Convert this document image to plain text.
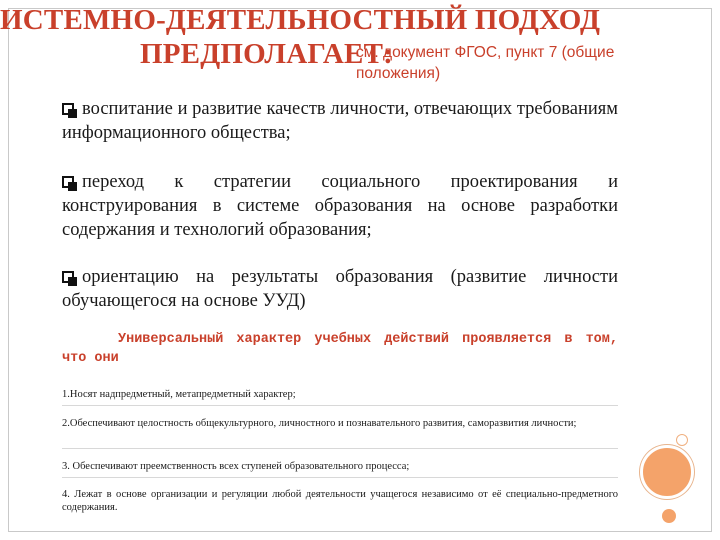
ИСТЕМНО-ДЕЯТЕЛЬНОСТНЫЙ ПОДХОД
ПРЕДПОЛАГАЕТ:
см. документ ФГОС, пункт 7 (общие положения)
воспитание и развитие качеств личности, отвечающих требованиям информационного общества;
переход к стратегии социального проектирования и конструирования в системе образования на основе разработки содержания и технологий образования;
ориентацию на результаты образования (развитие личности обучающегося на основе УУД)
Универсальный характер учебных действий проявляется в том, что они
1.Носят надпредметный, метапредметный характер;
2.Обеспечивают целостность общекультурного, личностного и познавательного развития, саморазвития личности;
3. Обеспечивают преемственность всех ступеней образовательного процесса;
4. Лежат в основе организации и регуляции любой деятельности учащегося независимо от её специально-предметного содержания.
